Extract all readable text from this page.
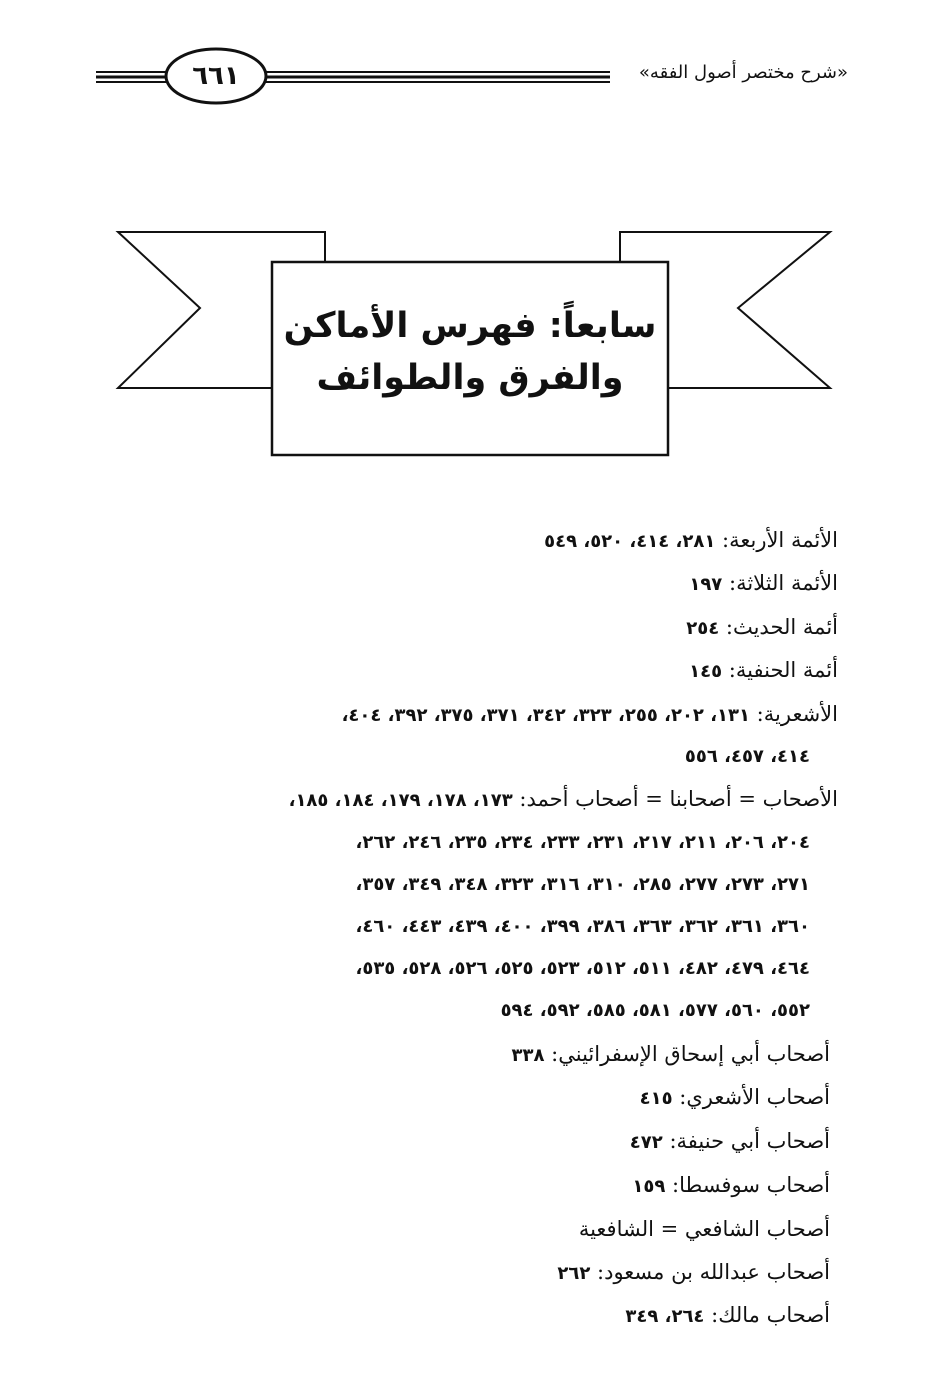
٦٦١	«شرح مختصر أصول الفقه»
سابعاً: فهرس الأماكن
والفرق والطوائف
الأئمة الأربعة: ٢٨١، ٤١٤، ٥٢٠، ٥٤٩
الأئمة الثلاثة: ١٩٧
أئمة الحديث: ٢٥٤
أئمة الحنفية: ١٤٥
الأشعرية: ١٣١، ٢٠٢، ٢٥٥، ٣٢٣، ٣٤٢، ٣٧١، ٣٧٥، ٣٩٢، ٤٠٤،
٤١٤، ٤٥٧، ٥٥٦
الأصحاب = أصحابنا = أصحاب أحمد: ١٧٣، ١٧٨، ١٧٩، ١٨٤، ١٨٥،
٢٠٤، ٢٠٦، ٢١١، ٢١٧، ٢٣١، ٢٣٣، ٢٣٤، ٢٣٥، ٢٤٦، ٢٦٢،
٢٧١، ٢٧٣، ٢٧٧، ٢٨٥، ٣١٠، ٣١٦، ٣٢٣، ٣٤٨، ٣٤٩، ٣٥٧،
٣٦٠، ٣٦١، ٣٦٢، ٣٦٣، ٣٨٦، ٣٩٩، ٤٠٠، ٤٣٩، ٤٤٣، ٤٦٠،
٤٦٤، ٤٧٩، ٤٨٢، ٥١١، ٥١٢، ٥٢٣، ٥٢٥، ٥٢٦، ٥٢٨، ٥٣٥،
٥٥٢، ٥٦٠، ٥٧٧، ٥٨١، ٥٨٥، ٥٩٢، ٥٩٤
أصحاب أبي إسحاق الإسفرائيني: ٣٣٨
أصحاب الأشعري: ٤١٥
أصحاب أبي حنيفة: ٤٧٢
أصحاب سوفسطا: ١٥٩
أصحاب الشافعي = الشافعية
أصحاب عبدالله بن مسعود: ٢٦٢
أصحاب مالك: ٢٦٤، ٣٤٩
